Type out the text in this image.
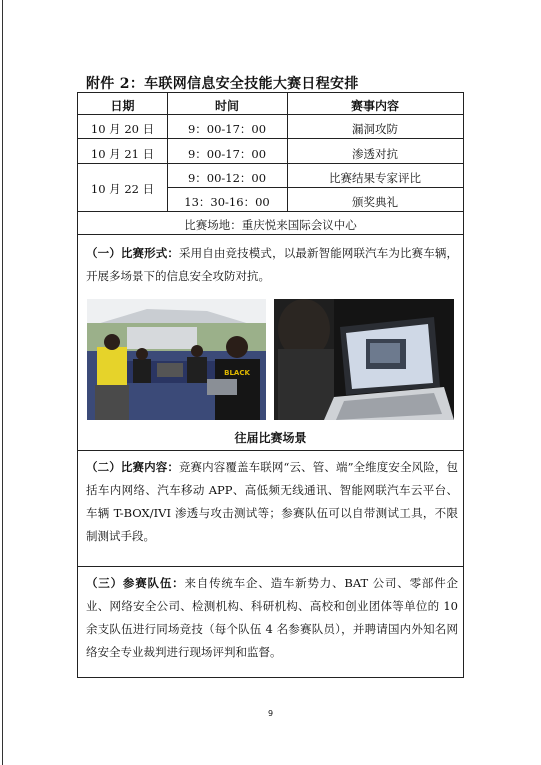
附件 2：车联网信息安全技能大赛日程安排
日期	时间	赛事内容
10 月 20 日	9：00-17：00	漏洞攻防
10 月 21 日	9：00-17：00	渗透对抗
10 月 22 日
9：00-12：00	比赛结果专家评比
13：30-16：00	颁奖典礼
比赛场地：重庆悦来国际会议中心
（一）比赛形式：采用自由竞技模式，以最新智能网联汽车为比赛车辆，开展多场景下的信息安全攻防对抗。
BLACK
往届比赛场景
（二）比赛内容：竞赛内容覆盖车联网“云、管、端”全维度安全风险，包括车内网络、汽车移动 APP、高低频无线通讯、智能网联汽车云平台、车辆 T-BOX/IVI 渗透与攻击测试等；参赛队伍可以自带测试工具，不限制测试手段。
（三）参赛队伍：来自传统车企、造车新势力、BAT 公司、零部件企业、网络安全公司、检测机构、科研机构、高校和创业团体等单位的 10 余支队伍进行同场竞技（每个队伍 4 名参赛队员），并聘请国内外知名网络安全专业裁判进行现场评判和监督。
9
